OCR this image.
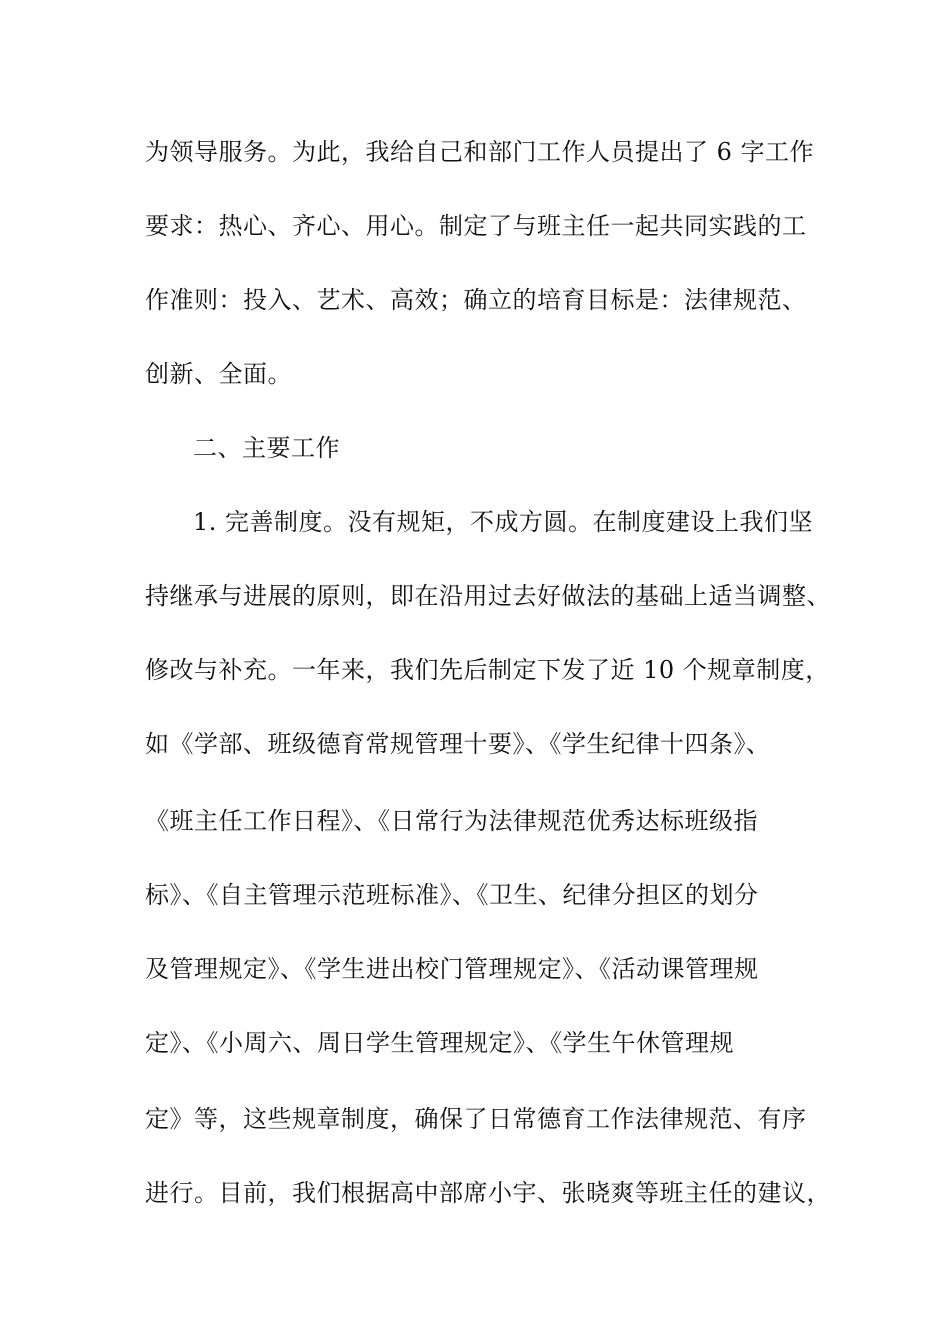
为领导服务。为此，我给自己和部门工作人员提出了 6 字工作
要求：热心、齐心、用心。制定了与班主任一起共同实践的工
作准则：投入、艺术、高效；确立的培育目标是：法律规范、
创新、全面。
二、主要工作
1. 完善制度。没有规矩，不成方圆。在制度建设上我们坚
持继承与进展的原则，即在沿用过去好做法的基础上适当调整、
修改与补充。一年来，我们先后制定下发了近 10 个规章制度，
如《学部、班级德育常规管理十要》、《学生纪律十四条》、
《班主任工作日程》、《日常行为法律规范优秀达标班级指
标》、《自主管理示范班标准》、《卫生、纪律分担区的划分
及管理规定》、《学生进出校门管理规定》、《活动课管理规
定》、《小周六、周日学生管理规定》、《学生午休管理规
定》等，这些规章制度，确保了日常德育工作法律规范、有序
进行。目前，我们根据高中部席小宇、张晓爽等班主任的建议，
